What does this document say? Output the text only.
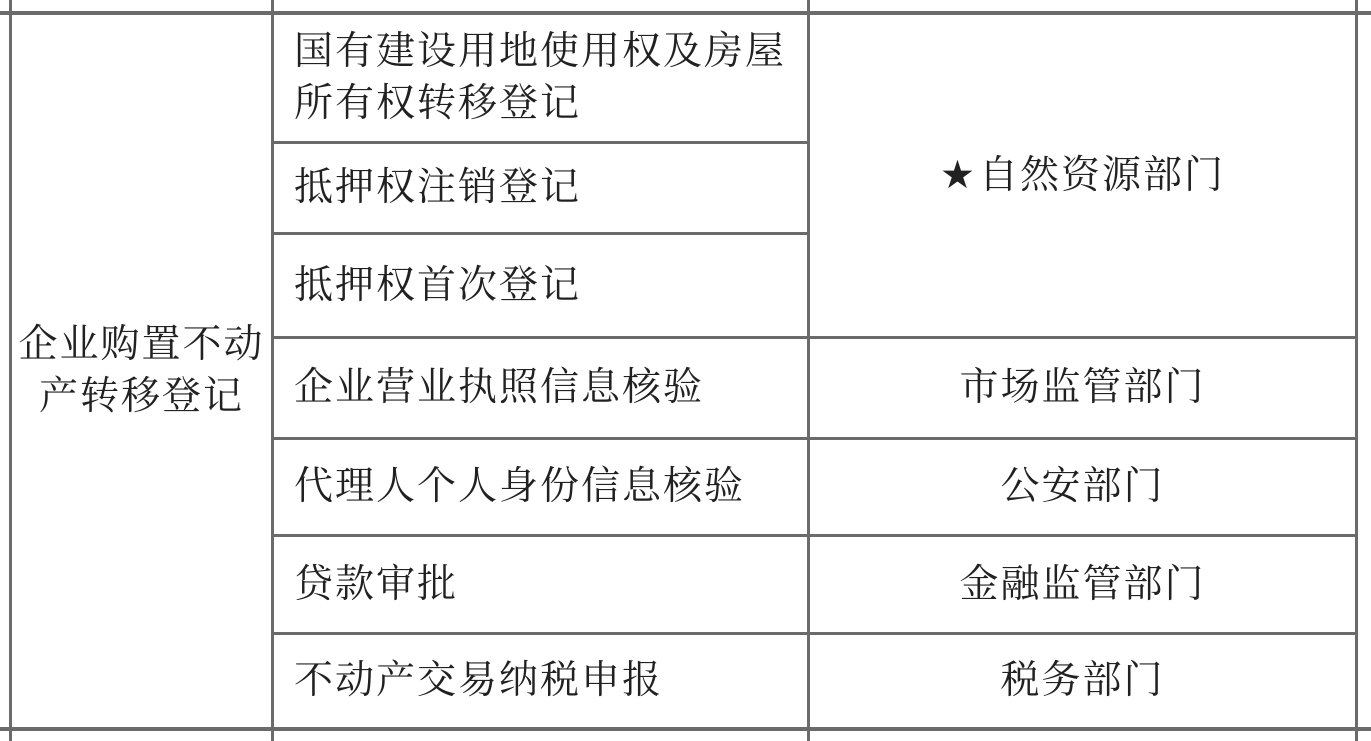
企业购置不动产转移登记
国有建设用地使用权及房屋所有权转移登记
抵押权注销登记
抵押权首次登记
企业营业执照信息核验
代理人个人身份信息核验
贷款审批
不动产交易纳税申报
★ 自然资源部门
市场监管部门
公安部门
金融监管部门
税务部门
